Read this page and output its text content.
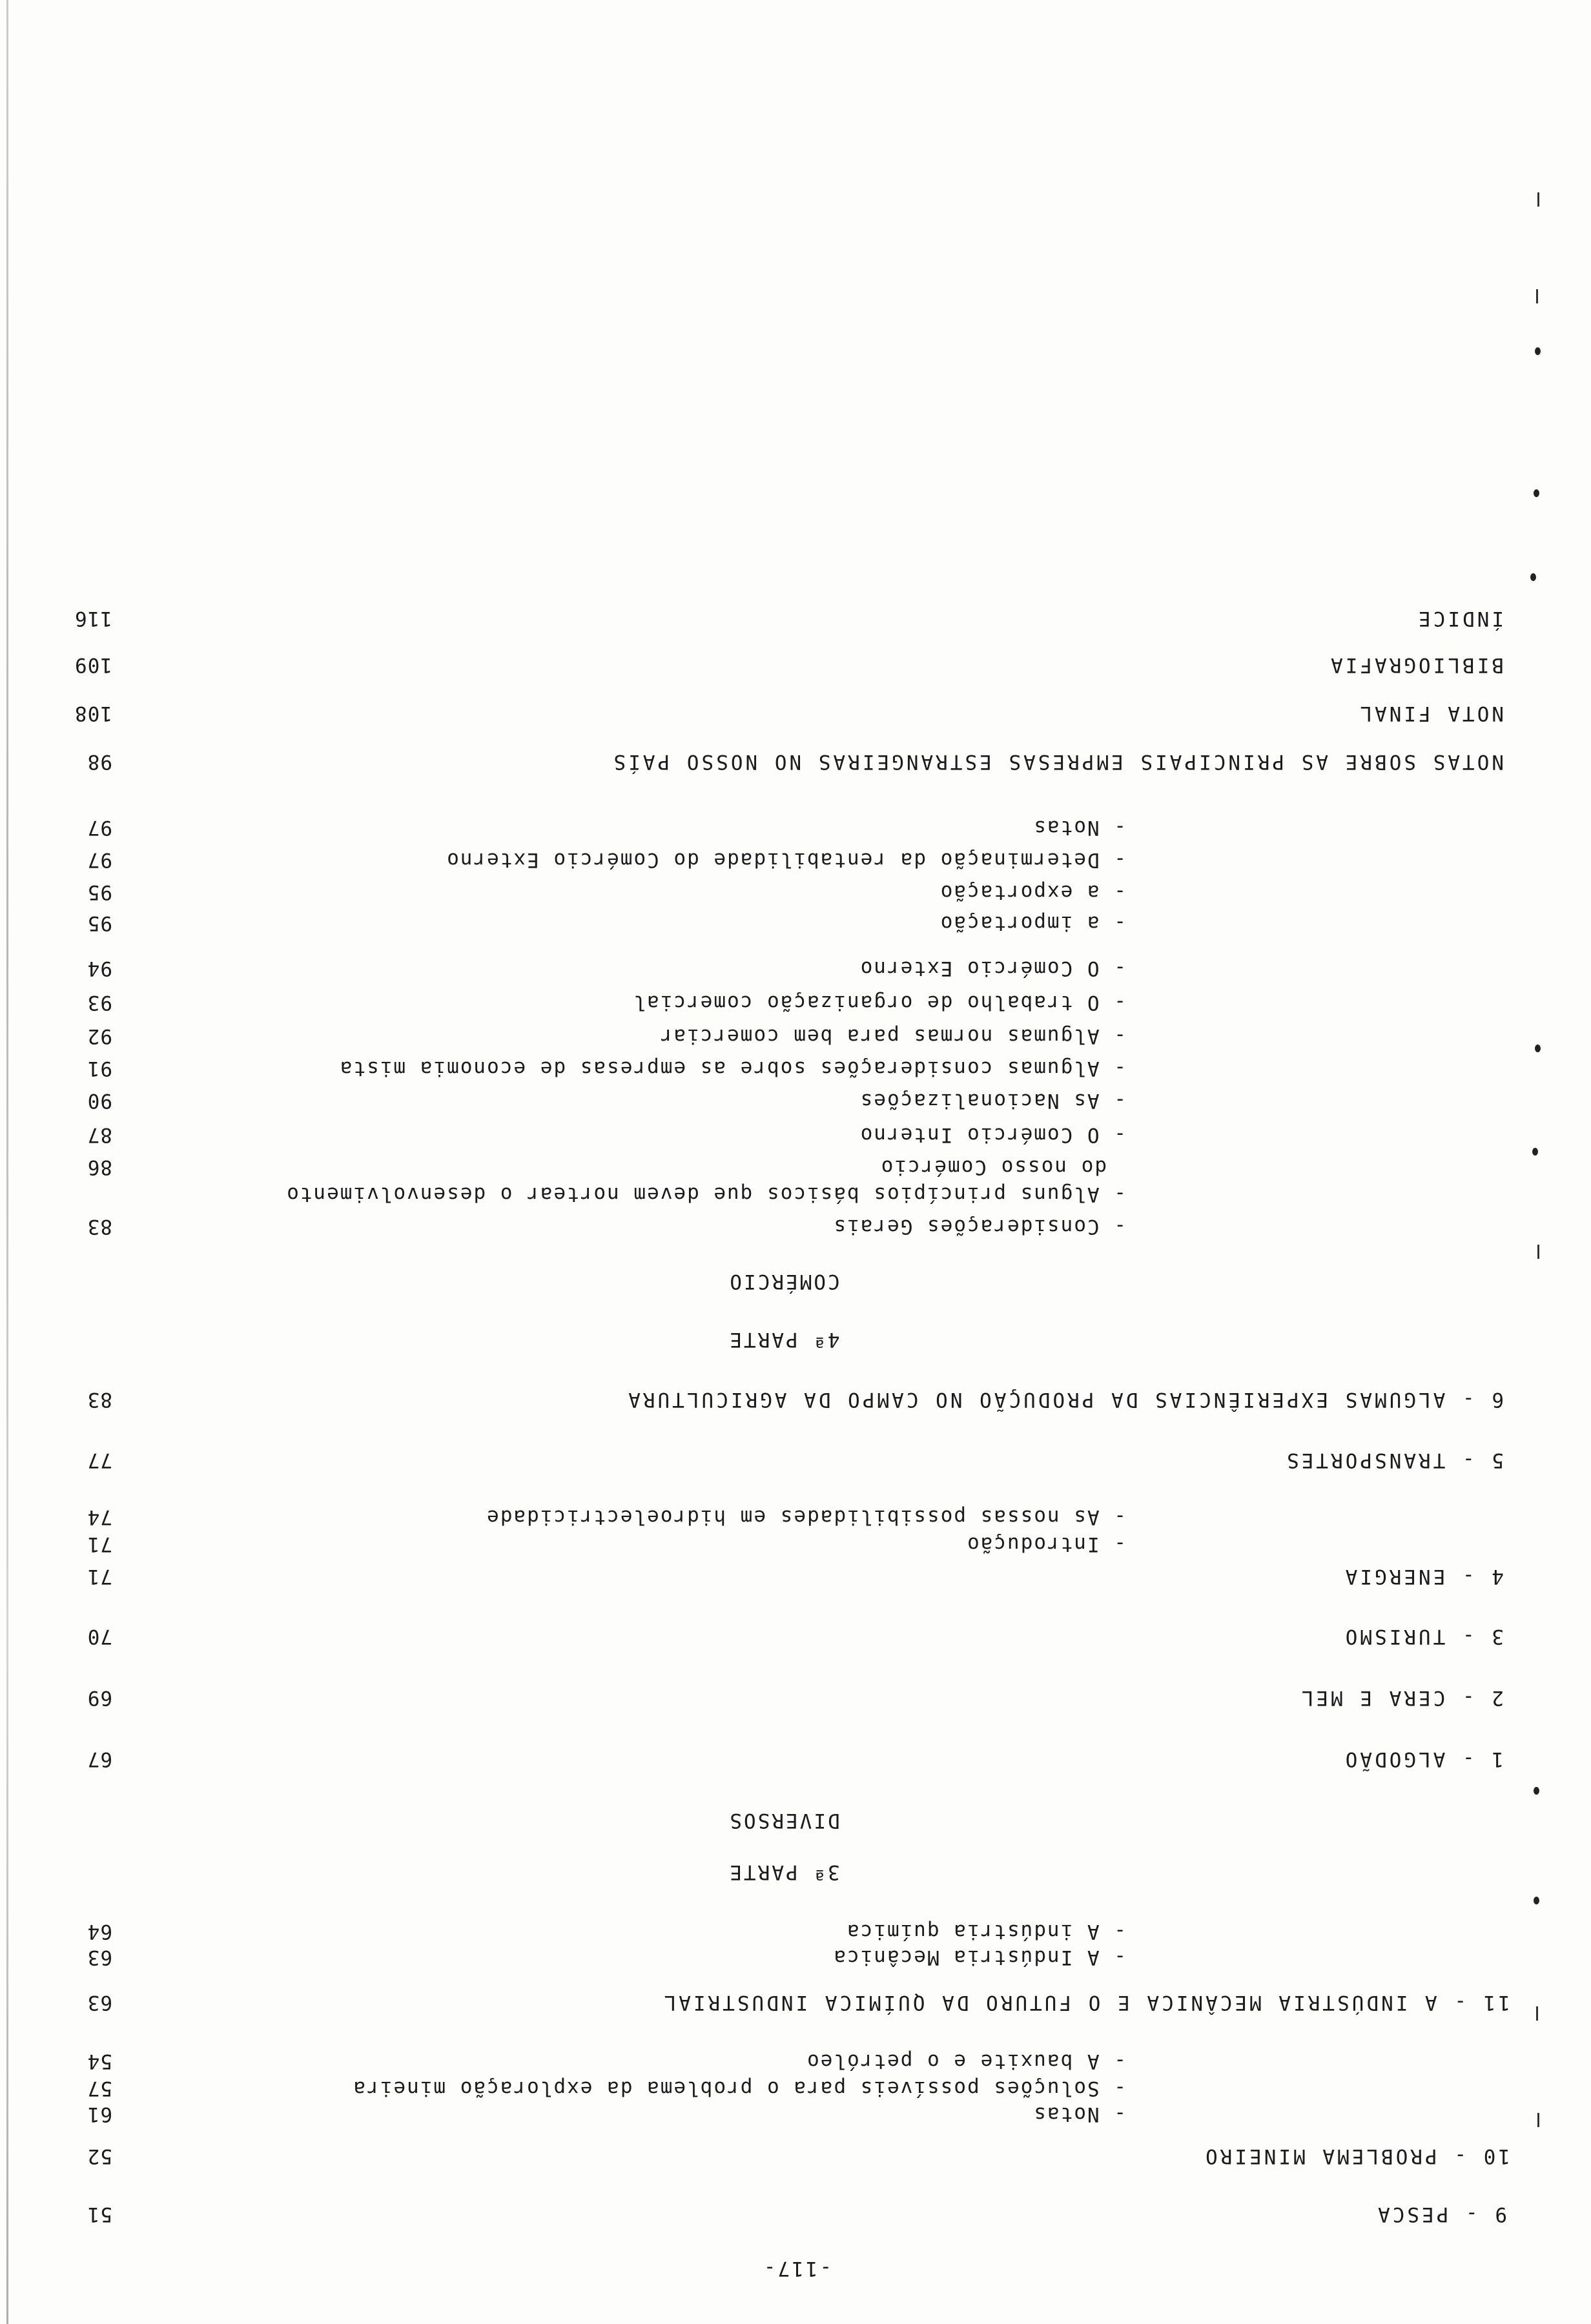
-117-
9 - PESCA
51
10 - PROBLEMA MINEIRO
52
- Notas
61
- Soluções possíveis para o problema da exploração mineira
57
- A bauxite e o petróleo
54
11 - A INDÚSTRIA MECÂNICA E O FUTURO DA QUÍMICA INDUSTRIAL
63
- A Indústria Mecânica
63
- A indústria química
64
3ª PARTE
DIVERSOS
1 - ALGODÃO
67
2 - CERA E MEL
69
3 - TURISMO
70
4 - ENERGIA
71
- Introdução
71
- As nossas possibilidades em hidroelectricidade
74
5 - TRANSPORTES
77
6 - ALGUMAS EXPERIÊNCIAS DA PRODUÇÃO NO CAMPO DA AGRICULTURA
83
4ª PARTE
COMÉRCIO
- Considerações Gerais
83
- Alguns princípios básicos que devem nortear o desenvolvimento
do nosso Comércio
86
- O Comércio Interno
87
- As Nacionalizações
90
- Algumas considerações sobre as empresas de economia mista
91
- Algumas normas para bem comerciar
92
- O trabalho de organização comercial
93
- O Comércio Externo
94
- a importação
95
- a exportação
95
- Determinação da rentabilidade do Comércio Externo
97
- Notas
97
NOTAS SOBRE AS PRINCIPAIS EMPRESAS ESTRANGEIRAS NO NOSSO PAÍS
98
NOTA FINAL
108
BIBLIOGRAFIA
109
ÍNDICE
116
